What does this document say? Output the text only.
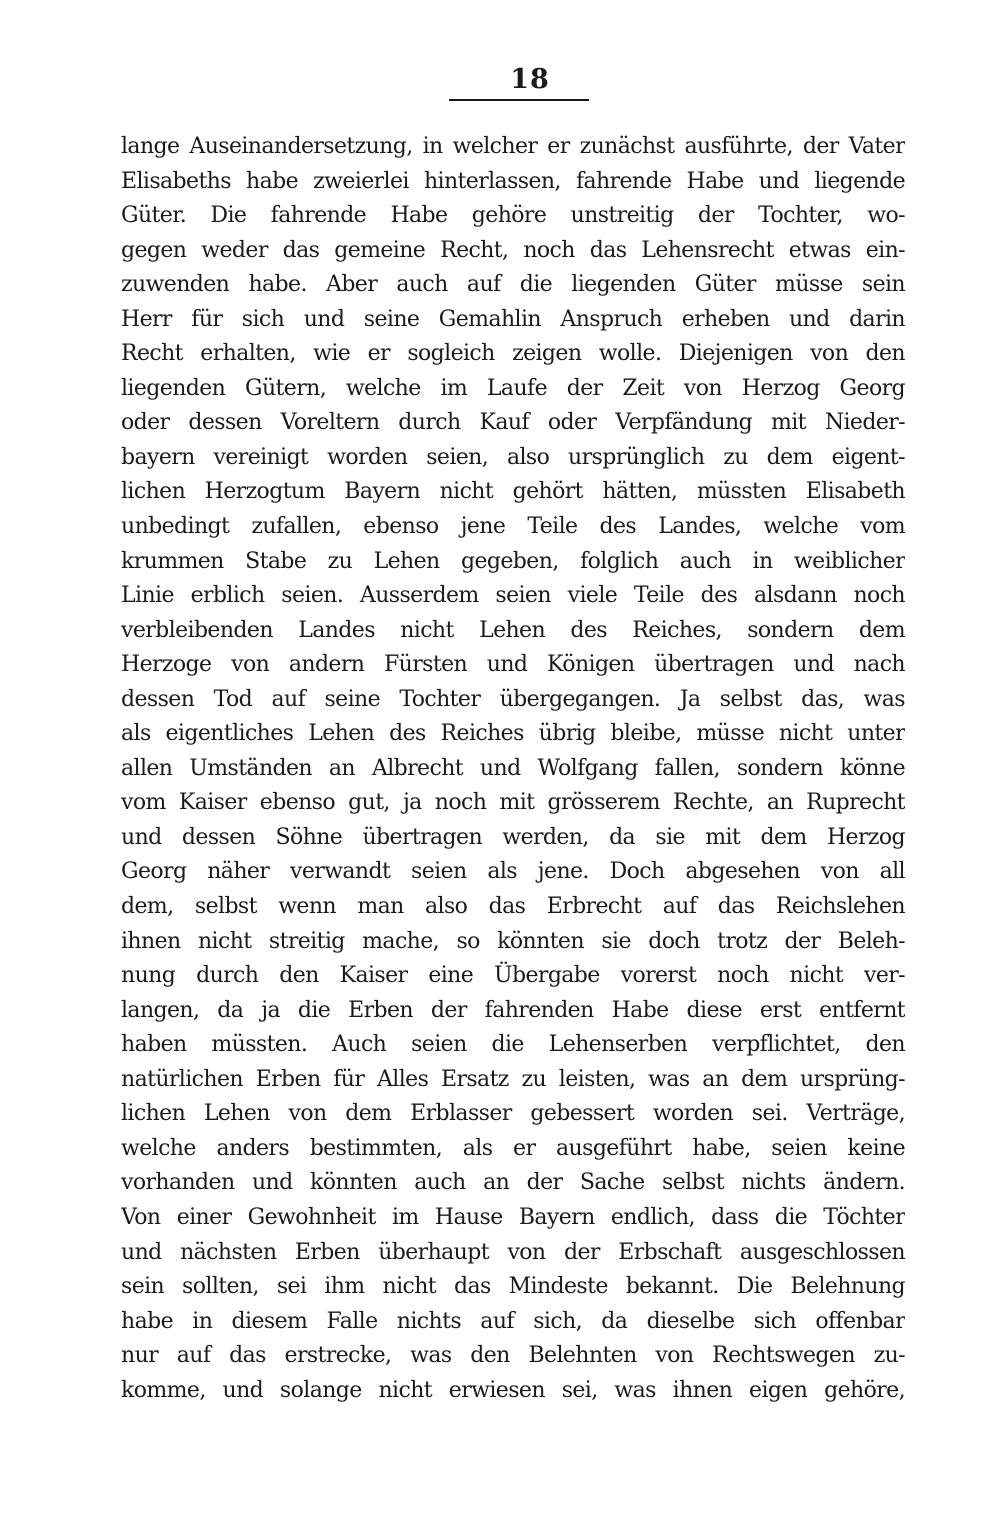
18
lange Auseinandersetzung, in welcher er zunächst ausführte, der Vater
Elisabeths habe zweierlei hinterlassen, fahrende Habe und liegende
Güter. Die fahrende Habe gehöre unstreitig der Tochter, wo-
gegen weder das gemeine Recht, noch das Lehensrecht etwas ein-
zuwenden habe. Aber auch auf die liegenden Güter müsse sein
Herr für sich und seine Gemahlin Anspruch erheben und darin
Recht erhalten, wie er sogleich zeigen wolle. Diejenigen von den
liegenden Gütern, welche im Laufe der Zeit von Herzog Georg
oder dessen Voreltern durch Kauf oder Verpfändung mit Nieder-
bayern vereinigt worden seien, also ursprünglich zu dem eigent-
lichen Herzogtum Bayern nicht gehört hätten, müssten Elisabeth
unbedingt zufallen, ebenso jene Teile des Landes, welche vom
krummen Stabe zu Lehen gegeben, folglich auch in weiblicher
Linie erblich seien. Ausserdem seien viele Teile des alsdann noch
verbleibenden Landes nicht Lehen des Reiches, sondern dem
Herzoge von andern Fürsten und Königen übertragen und nach
dessen Tod auf seine Tochter übergegangen. Ja selbst das, was
als eigentliches Lehen des Reiches übrig bleibe, müsse nicht unter
allen Umständen an Albrecht und Wolfgang fallen, sondern könne
vom Kaiser ebenso gut, ja noch mit grösserem Rechte, an Ruprecht
und dessen Söhne übertragen werden, da sie mit dem Herzog
Georg näher verwandt seien als jene. Doch abgesehen von all
dem, selbst wenn man also das Erbrecht auf das Reichslehen
ihnen nicht streitig mache, so könnten sie doch trotz der Beleh-
nung durch den Kaiser eine Übergabe vorerst noch nicht ver-
langen, da ja die Erben der fahrenden Habe diese erst entfernt
haben müssten. Auch seien die Lehenserben verpflichtet, den
natürlichen Erben für Alles Ersatz zu leisten, was an dem ursprüng-
lichen Lehen von dem Erblasser gebessert worden sei. Verträge,
welche anders bestimmten, als er ausgeführt habe, seien keine
vorhanden und könnten auch an der Sache selbst nichts ändern.
Von einer Gewohnheit im Hause Bayern endlich, dass die Töchter
und nächsten Erben überhaupt von der Erbschaft ausgeschlossen
sein sollten, sei ihm nicht das Mindeste bekannt. Die Belehnung
habe in diesem Falle nichts auf sich, da dieselbe sich offenbar
nur auf das erstrecke, was den Belehnten von Rechtswegen zu-
komme, und solange nicht erwiesen sei, was ihnen eigen gehöre,
